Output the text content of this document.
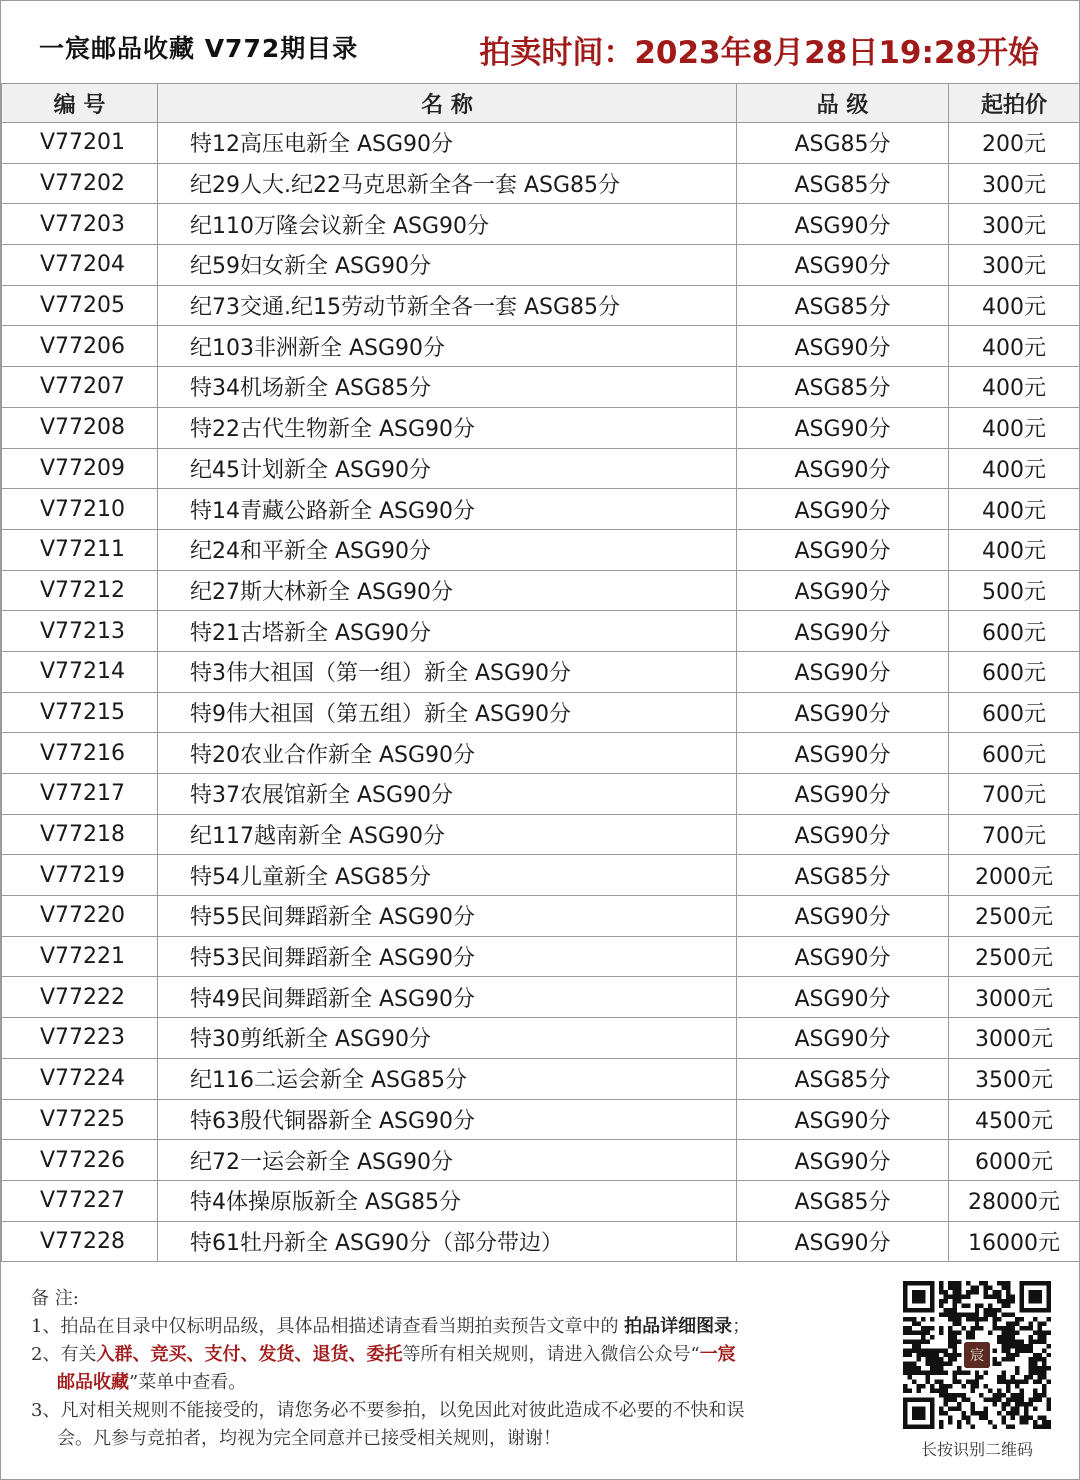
一宸邮品收藏 V772期目录	拍卖时间：2023年8月28日19:28开始
编 号	名 称	品 级	起拍价
V77201	特12高压电新全 ASG90分	ASG85分	200元
V77202	纪29人大.纪22马克思新全各一套 ASG85分	ASG85分	300元
V77203	纪110万隆会议新全 ASG90分	ASG90分	300元
V77204	纪59妇女新全 ASG90分	ASG90分	300元
V77205	纪73交通.纪15劳动节新全各一套 ASG85分	ASG85分	400元
V77206	纪103非洲新全 ASG90分	ASG90分	400元
V77207	特34机场新全 ASG85分	ASG85分	400元
V77208	特22古代生物新全 ASG90分	ASG90分	400元
V77209	纪45计划新全 ASG90分	ASG90分	400元
V77210	特14青藏公路新全 ASG90分	ASG90分	400元
V77211	纪24和平新全 ASG90分	ASG90分	400元
V77212	纪27斯大林新全 ASG90分	ASG90分	500元
V77213	特21古塔新全 ASG90分	ASG90分	600元
V77214	特3伟大祖国（第一组）新全 ASG90分	ASG90分	600元
V77215	特9伟大祖国（第五组）新全 ASG90分	ASG90分	600元
V77216	特20农业合作新全 ASG90分	ASG90分	600元
V77217	特37农展馆新全 ASG90分	ASG90分	700元
V77218	纪117越南新全 ASG90分	ASG90分	700元
V77219	特54儿童新全 ASG85分	ASG85分	2000元
V77220	特55民间舞蹈新全 ASG90分	ASG90分	2500元
V77221	特53民间舞蹈新全 ASG90分	ASG90分	2500元
V77222	特49民间舞蹈新全 ASG90分	ASG90分	3000元
V77223	特30剪纸新全 ASG90分	ASG90分	3000元
V77224	纪116二运会新全 ASG85分	ASG85分	3500元
V77225	特63殷代铜器新全 ASG90分	ASG90分	4500元
V77226	纪72一运会新全 ASG90分	ASG90分	6000元
V77227	特4体操原版新全 ASG85分	ASG85分	28000元
V77228	特61牡丹新全 ASG90分（部分带边）	ASG90分	16000元
备 注:
1、拍品在目录中仅标明品级，具体品相描述请查看当期拍卖预告文章中的 拍品详细图录；
2、有关入群、竞买、支付、发货、退货、委托等所有相关规则，请进入微信公众号“一宸
邮品收藏”菜单中查看。
3、凡对相关规则不能接受的，请您务必不要参拍，以免因此对彼此造成不必要的不快和误
会。凡参与竞拍者，均视为完全同意并已接受相关规则，谢谢！
宸
长按识别二维码
